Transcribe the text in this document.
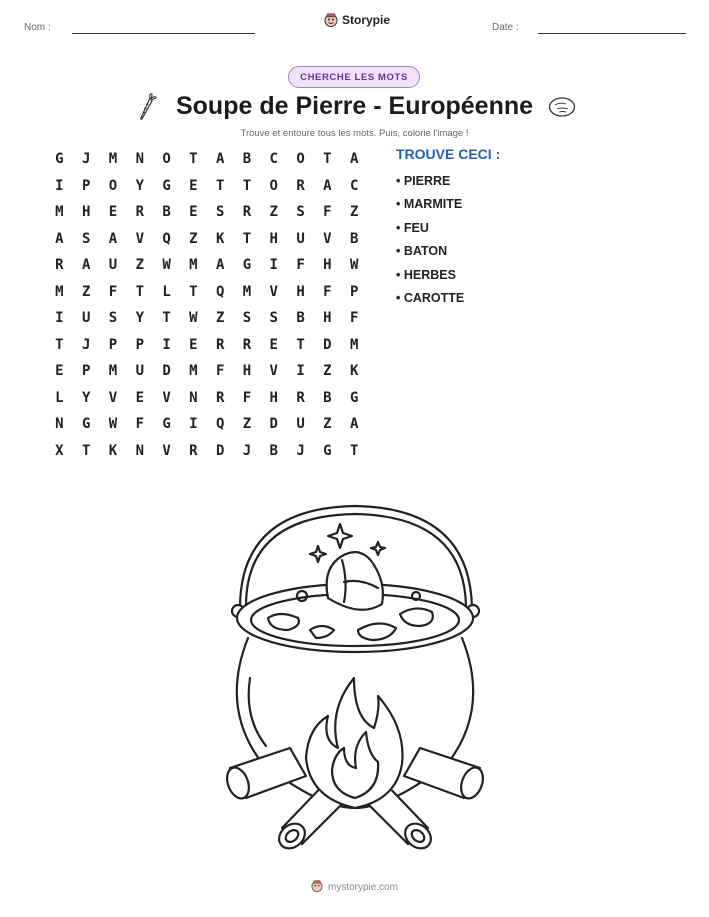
Nom :
Storypie
Date :
CHERCHE LES MOTS
Soupe de Pierre - Européenne
Trouve et entoure tous les mots. Puis, colorie l'image !
G	J	M	N	O	T	A	B	C	O	T	A
I	P	O	Y	G	E	T	T	O	R	A	C
M	H	E	R	B	E	S	R	Z	S	F	Z
A	S	A	V	Q	Z	K	T	H	U	V	B
R	A	U	Z	W	M	A	G	I	F	H	W
M	Z	F	T	L	T	Q	M	V	H	F	P
I	U	S	Y	T	W	Z	S	S	B	H	F
T	J	P	P	I	E	R	R	E	T	D	M
E	P	M	U	D	M	F	H	V	I	Z	K
L	Y	V	E	V	N	R	F	H	R	B	G
N	G	W	F	G	I	Q	Z	D	U	Z	A
X	T	K	N	V	R	D	J	B	J	G	T
TROUVE CECI :
• PIERRE
• MARMITE
• FEU
• BATON
• HERBES
• CAROTTE
mystorypie.com
